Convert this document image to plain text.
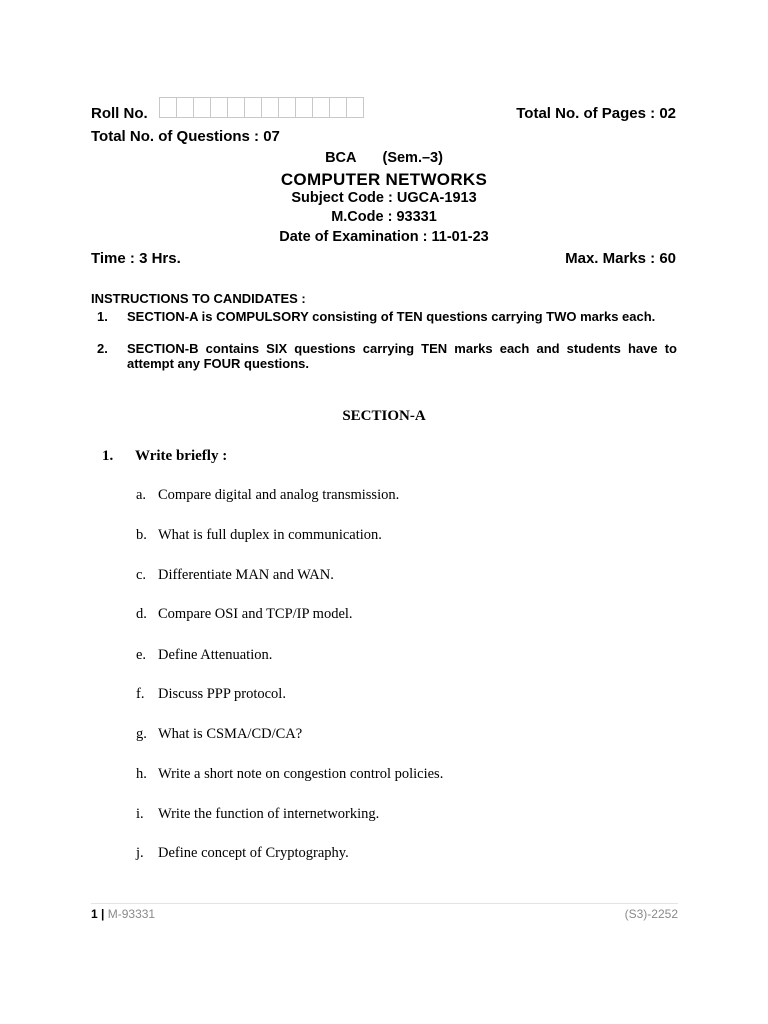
Roll No.	Total No. of Pages : 02
Total No. of Questions : 07
BCA (Sem.–3)
COMPUTER NETWORKS
Subject Code : UGCA-1913
M.Code : 93331
Date of Examination : 11-01-23
Time : 3 Hrs.	Max. Marks : 60
INSTRUCTIONS TO CANDIDATES :
1. SECTION-A is COMPULSORY consisting of TEN questions carrying TWO marks each.
2. SECTION-B contains SIX questions carrying TEN marks each and students have to attempt any FOUR questions.
SECTION-A
1. Write briefly :
a. Compare digital and analog transmission.
b. What is full duplex in communication.
c. Differentiate MAN and WAN.
d. Compare OSI and TCP/IP model.
e. Define Attenuation.
f. Discuss PPP protocol.
g. What is CSMA/CD/CA?
h. Write a short note on congestion control policies.
i. Write the function of internetworking.
j. Define concept of Cryptography.
1 | M-93331	(S3)-2252
